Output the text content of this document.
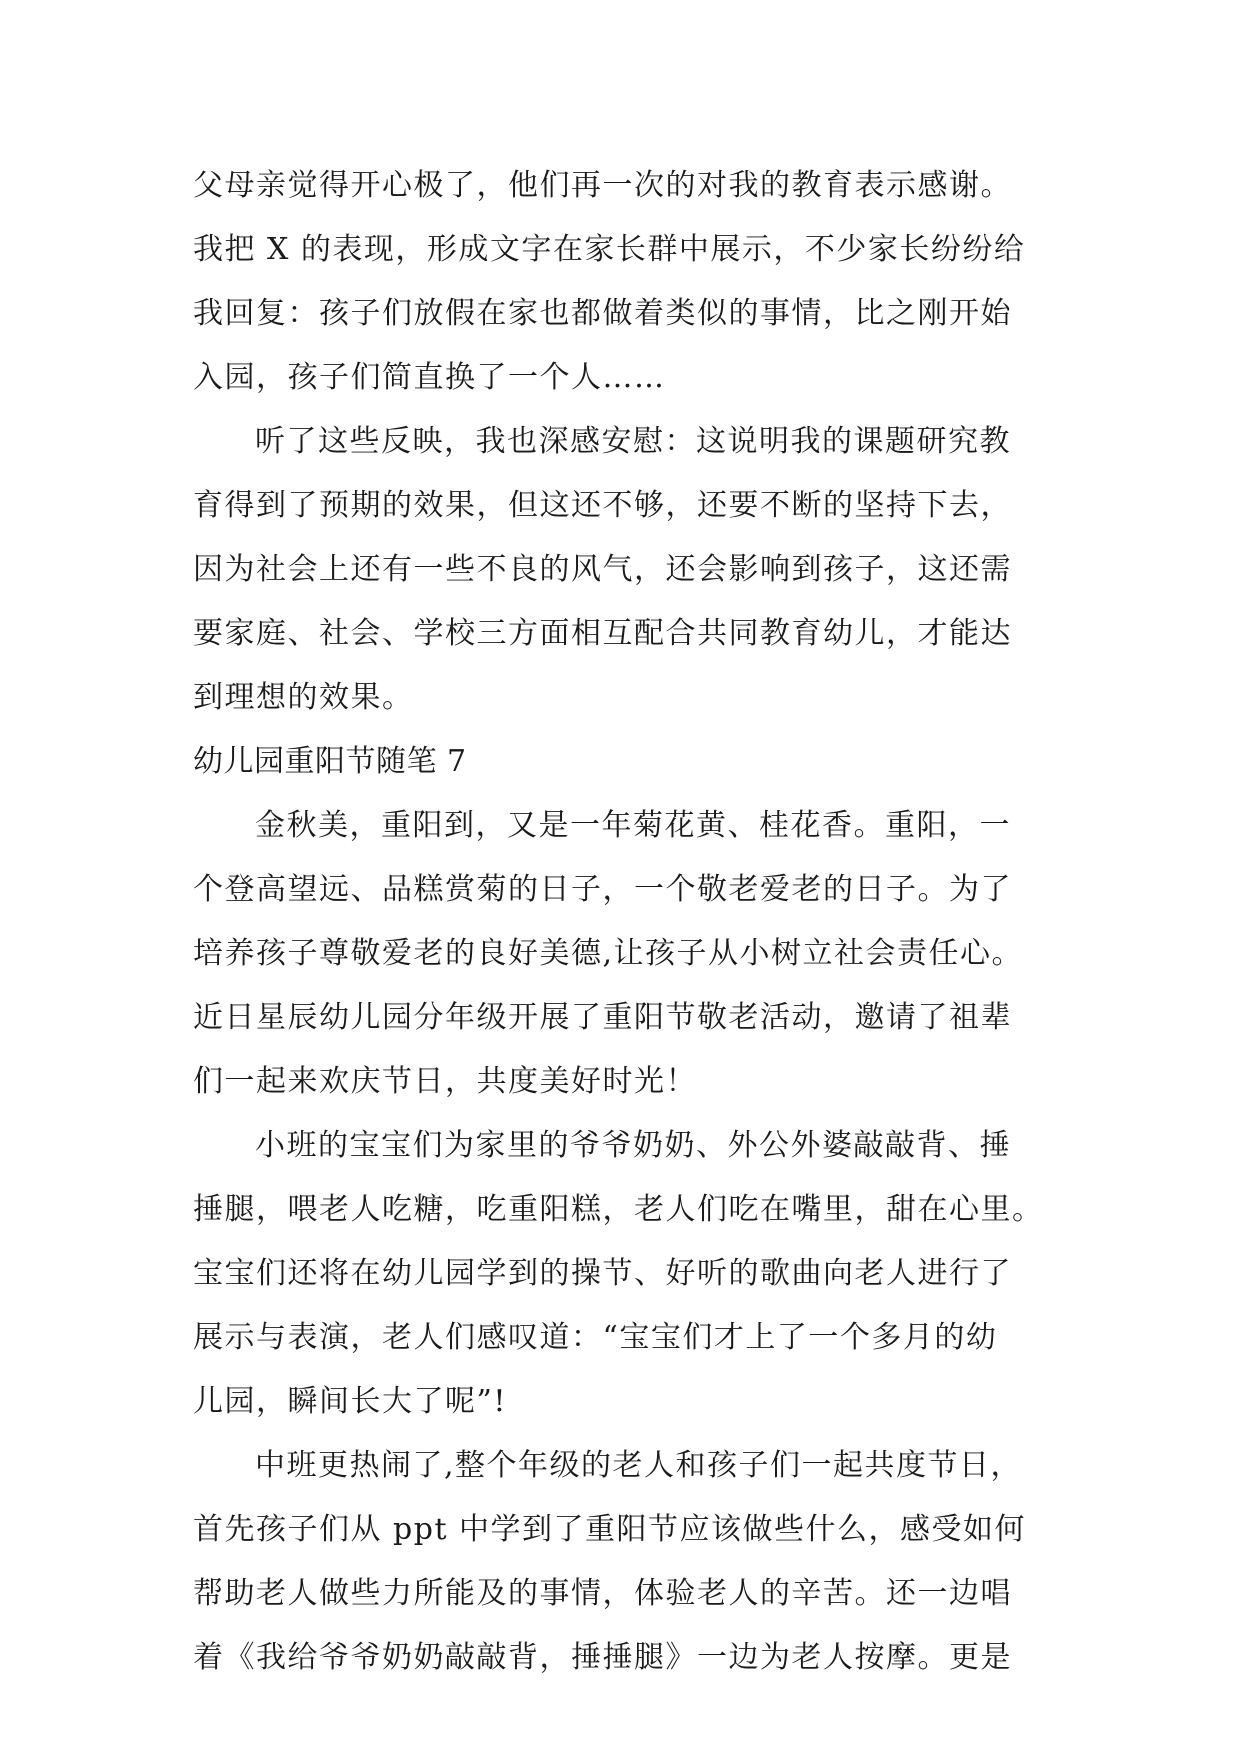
父母亲觉得开心极了，他们再一次的对我的教育表示感谢。
我把 X 的表现，形成文字在家长群中展示，不少家长纷纷给
我回复：孩子们放假在家也都做着类似的事情，比之刚开始
入园，孩子们简直换了一个人……
听了这些反映，我也深感安慰：这说明我的课题研究教
育得到了预期的效果，但这还不够，还要不断的坚持下去，
因为社会上还有一些不良的风气，还会影响到孩子，这还需
要家庭、社会、学校三方面相互配合共同教育幼儿，才能达
到理想的效果。
幼儿园重阳节随笔 7
金秋美，重阳到，又是一年菊花黄、桂花香。重阳，一
个登高望远、品糕赏菊的日子，一个敬老爱老的日子。为了
培养孩子尊敬爱老的良好美德,让孩子从小树立社会责任心。
近日星辰幼儿园分年级开展了重阳节敬老活动，邀请了祖辈
们一起来欢庆节日，共度美好时光！
小班的宝宝们为家里的爷爷奶奶、外公外婆敲敲背、捶
捶腿，喂老人吃糖，吃重阳糕，老人们吃在嘴里，甜在心里。
宝宝们还将在幼儿园学到的操节、好听的歌曲向老人进行了
展示与表演，老人们感叹道：“宝宝们才上了一个多月的幼
儿园，瞬间长大了呢”!
中班更热闹了,整个年级的老人和孩子们一起共度节日，
首先孩子们从 ppt 中学到了重阳节应该做些什么，感受如何
帮助老人做些力所能及的事情，体验老人的辛苦。还一边唱
着《我给爷爷奶奶敲敲背，捶捶腿》一边为老人按摩。更是
